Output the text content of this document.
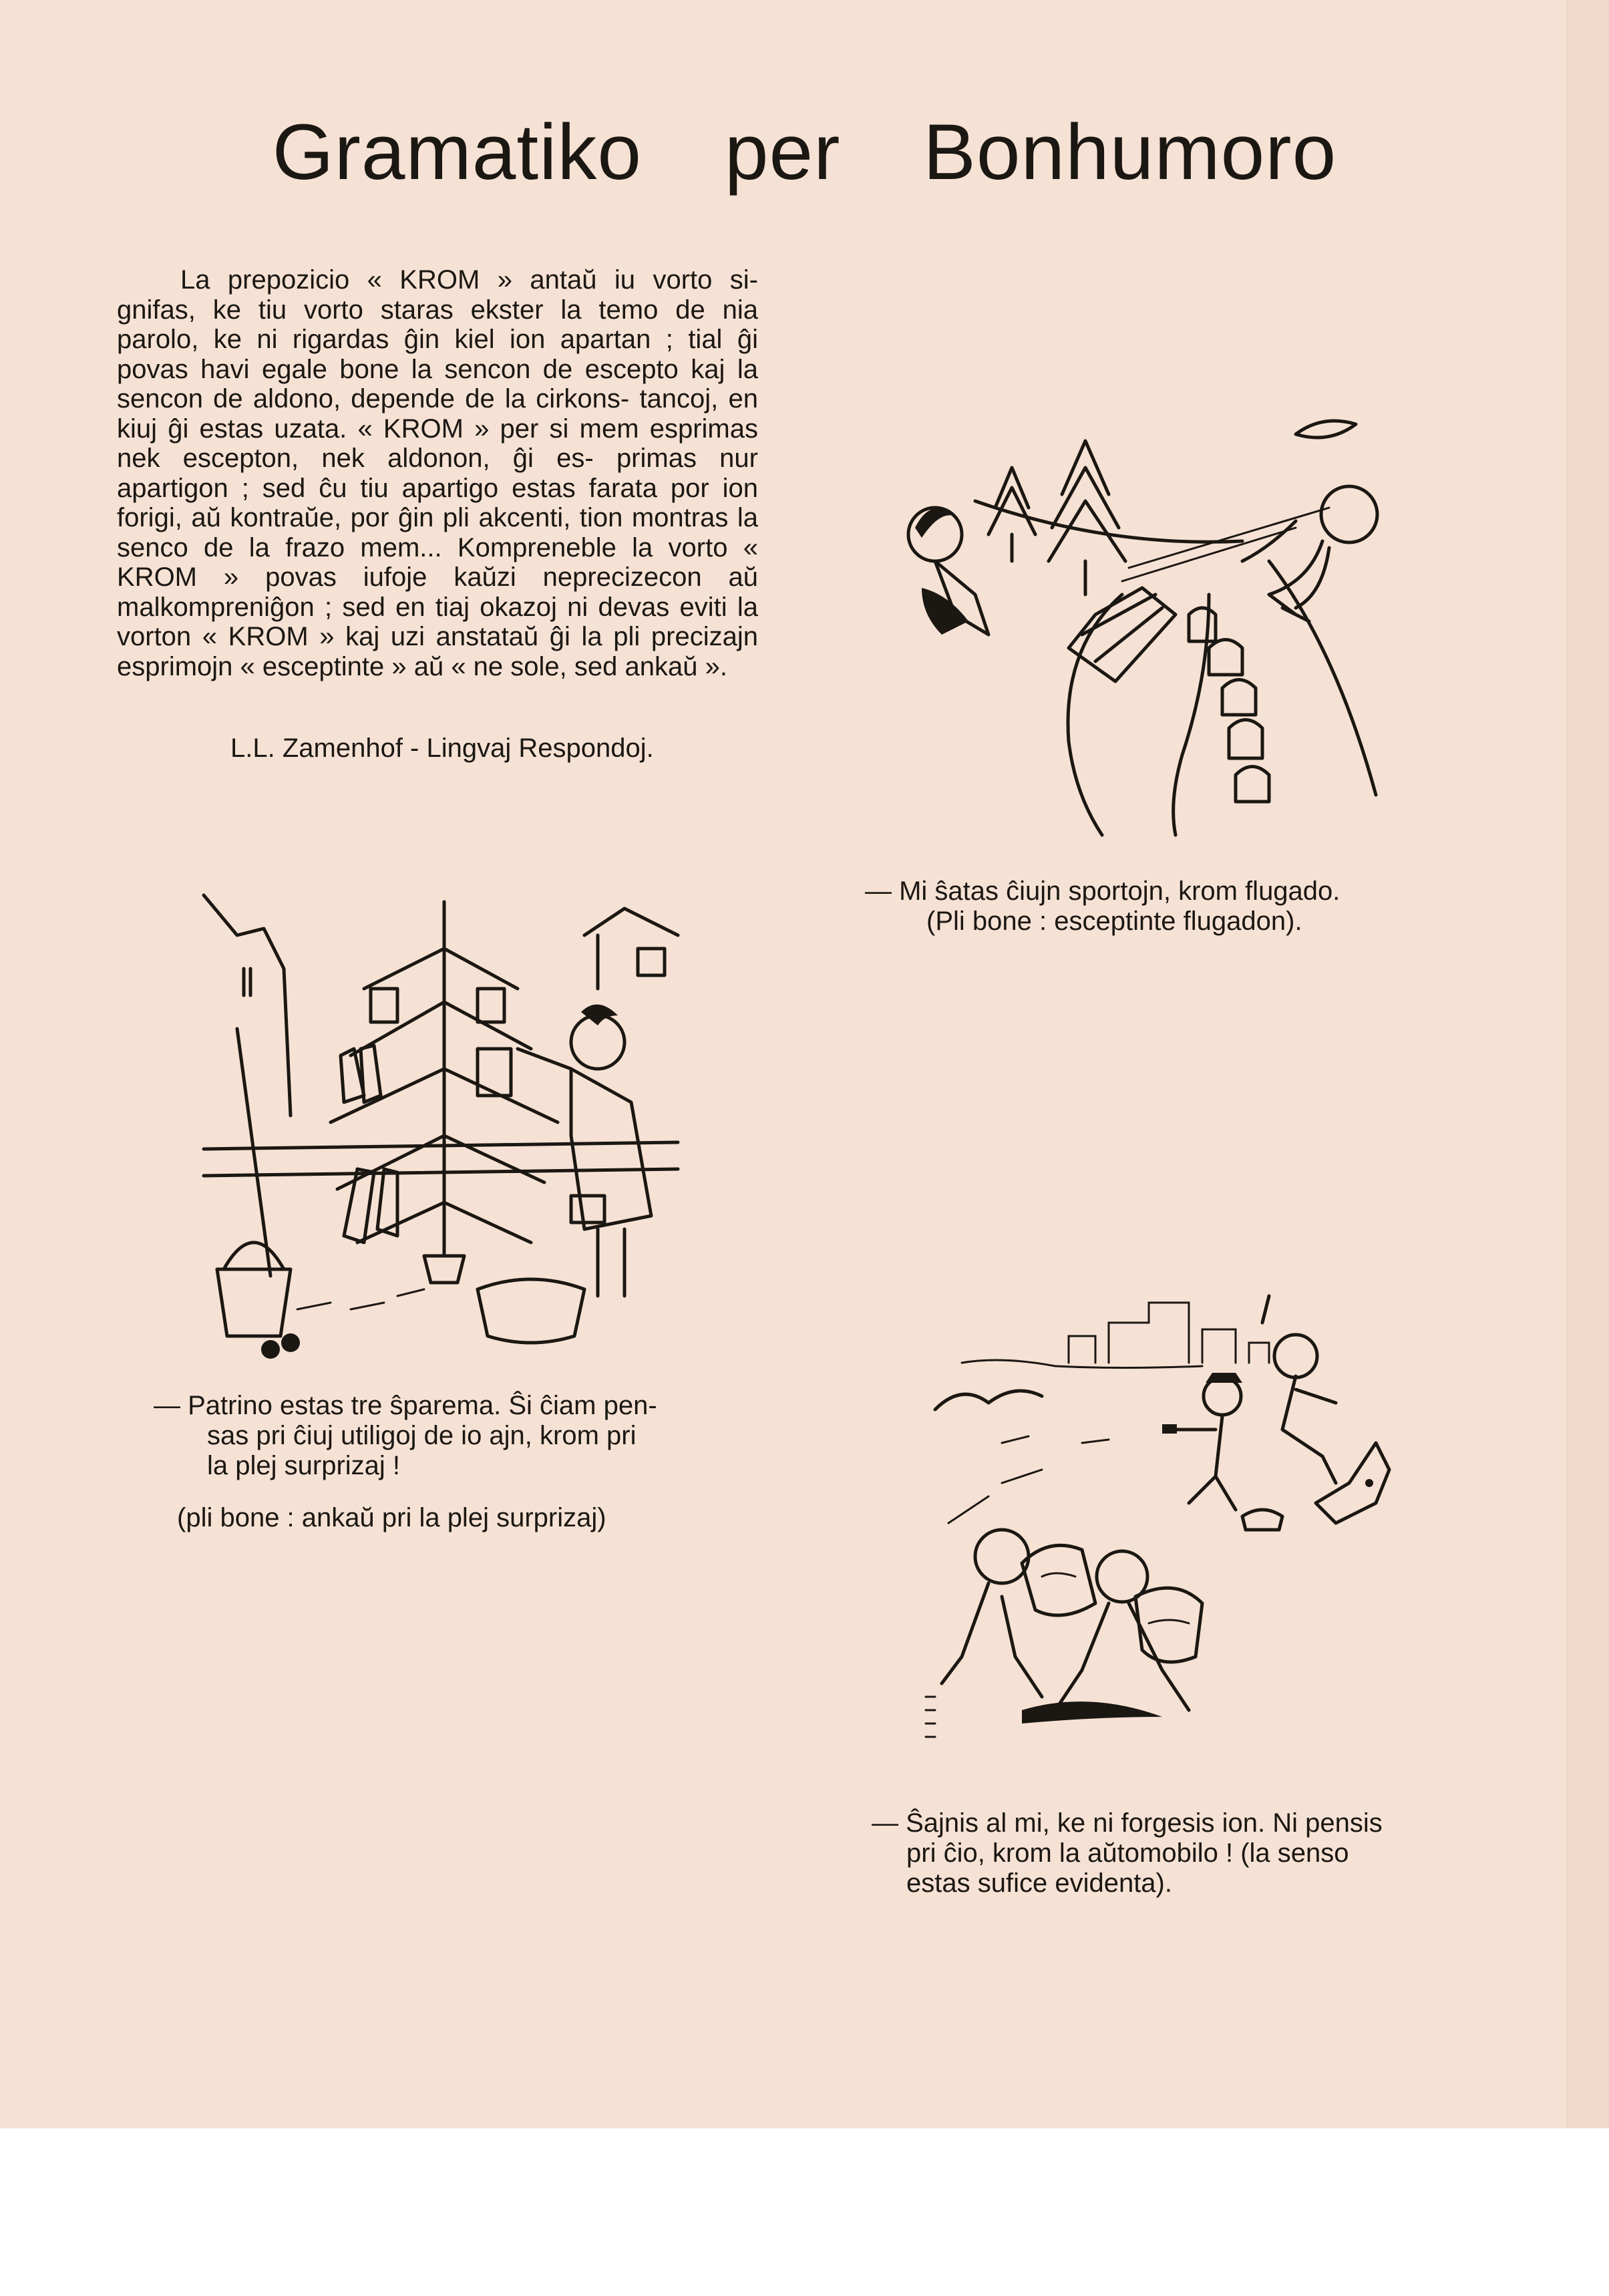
Gramatiko per Bonhumoro
La prepozicio « KROM » antaŭ iu vorto si- gnifas, ke tiu vorto staras ekster la temo de nia parolo, ke ni rigardas ĝin kiel ion apartan ; tial ĝi povas havi egale bone la sencon de escepto kaj la sencon de aldono, depende de la cirkons- tancoj, en kiuj ĝi estas uzata. « KROM » per si mem esprimas nek escepton, nek aldonon, ĝi es- primas nur apartigon ; sed ĉu tiu apartigo estas farata por ion forigi, aŭ kontraŭe, por ĝin pli akcenti, tion montras la senco de la frazo mem... Kompreneble la vorto « KROM » povas iufoje kaŭzi neprecizecon aŭ malkompreniĝon ; sed en tiaj okazoj ni devas eviti la vorton « KROM » kaj uzi anstataŭ ĝi la pli precizajn esprimojn « esceptinte » aŭ « ne sole, sed ankaŭ ».
L.L. Zamenhof - Lingvaj Respondoj.
— Mi ŝatas ĉiujn sportojn, krom flugado.
(Pli bone : esceptinte flugadon).
— Patrino estas tre ŝparema. Ŝi ĉiam pen-
sas pri ĉiuj utiligoj de io ajn, krom pri
la plej surprizaj !
(pli bone : ankaŭ pri la plej surprizaj)
— Ŝajnis al mi, ke ni forgesis ion. Ni pensis
pri ĉio, krom la aŭtomobilo ! (la senso
estas sufice evidenta).
